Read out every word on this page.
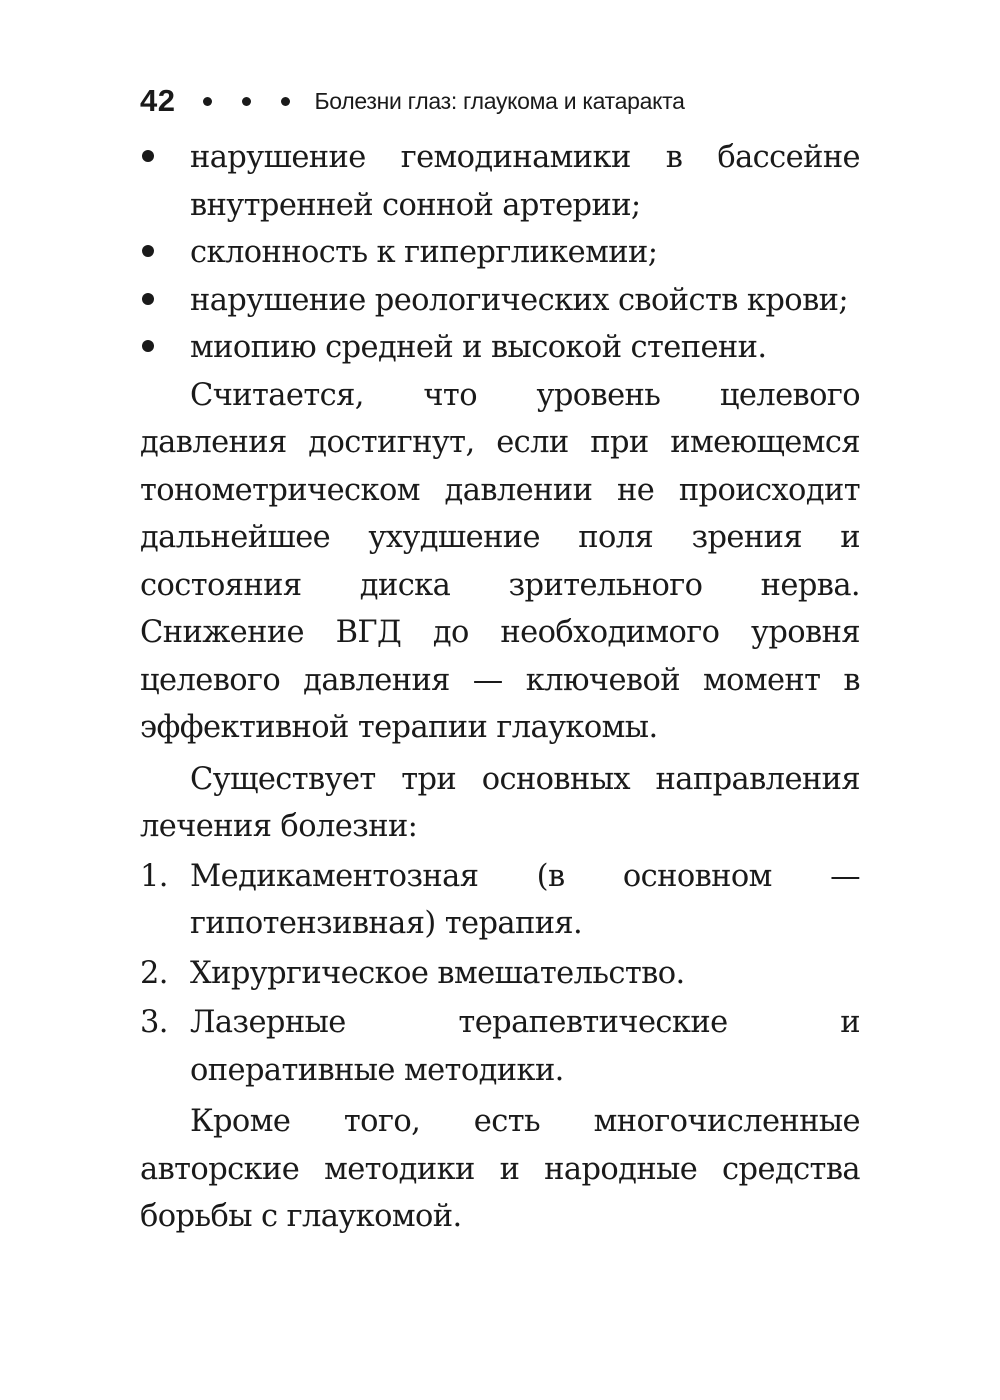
42	Болезни глаз: глаукома и катаракта
нарушение гемодинамики в бассейне внутренней сонной артерии;
склонность к гипергликемии;
нарушение реологических свойств крови;
миопию средней и высокой степени.

Считается, что уровень целевого давления достигнут, если при имеющемся тонометрическом давлении не происходит дальнейшее ухудшение поля зрения и состояния диска зрительного нерва. Снижение ВГД до необходимого уровня целевого давления — ключевой момент в эффективной терапии глаукомы.

Существует три основных направления лечения болезни:

1. Медикаментозная (в основном — гипотензивная) терапия.
2. Хирургическое вмешательство.
3. Лазерные терапевтические и оперативные методики.

Кроме того, есть многочисленные авторские методики и народные средства борьбы с глаукомой.
